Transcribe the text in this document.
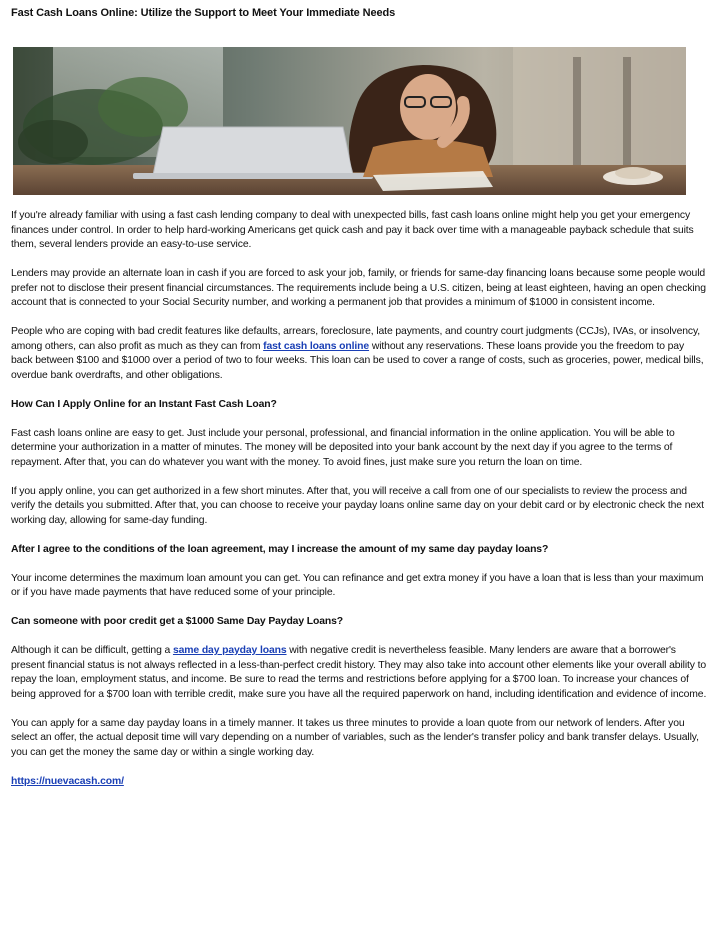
Fast Cash Loans Online: Utilize the Support to Meet Your Immediate Needs

If you're already familiar with using a fast cash lending company to deal with unexpected bills, fast cash loans online might help you get your emergency finances under control. In order to help hard-working Americans get quick cash and pay it back over time with a manageable payback schedule that suits them, several lenders provide an easy-to-use service.

Lenders may provide an alternate loan in cash if you are forced to ask your job, family, or friends for same-day financing loans because some people would prefer not to disclose their present financial circumstances. The requirements include being a U.S. citizen, being at least eighteen, having an open checking account that is connected to your Social Security number, and working a permanent job that provides a minimum of $1000 in consistent income.

People who are coping with bad credit features like defaults, arrears, foreclosure, late payments, and country court judgments (CCJs), IVAs, or insolvency, among others, can also profit as much as they can from fast cash loans online without any reservations. These loans provide you the freedom to pay back between $100 and $1000 over a period of two to four weeks. This loan can be used to cover a range of costs, such as groceries, power, medical bills, overdue bank overdrafts, and other obligations.

How Can I Apply Online for an Instant Fast Cash Loan?

Fast cash loans online are easy to get. Just include your personal, professional, and financial information in the online application. You will be able to determine your authorization in a matter of minutes. The money will be deposited into your bank account by the next day if you agree to the terms of repayment. After that, you can do whatever you want with the money. To avoid fines, just make sure you return the loan on time.

If you apply online, you can get authorized in a few short minutes. After that, you will receive a call from one of our specialists to review the process and verify the details you submitted. After that, you can choose to receive your payday loans online same day on your debit card or by electronic check the next working day, allowing for same-day funding.

After I agree to the conditions of the loan agreement, may I increase the amount of my same day payday loans?

Your income determines the maximum loan amount you can get. You can refinance and get extra money if you have a loan that is less than your maximum or if you have made payments that have reduced some of your principle.

Can someone with poor credit get a $1000 Same Day Payday Loans?

Although it can be difficult, getting a same day payday loans with negative credit is nevertheless feasible. Many lenders are aware that a borrower's present financial status is not always reflected in a less-than-perfect credit history. They may also take into account other elements like your overall ability to repay the loan, employment status, and income. Be sure to read the terms and restrictions before applying for a $700 loan. To increase your chances of being approved for a $700 loan with terrible credit, make sure you have all the required paperwork on hand, including identification and evidence of income.

You can apply for a same day payday loans in a timely manner. It takes us three minutes to provide a loan quote from our network of lenders. After you select an offer, the actual deposit time will vary depending on a number of variables, such as the lender's transfer policy and bank transfer delays. Usually, you can get the money the same day or within a single working day.

https://nuevacash.com/
